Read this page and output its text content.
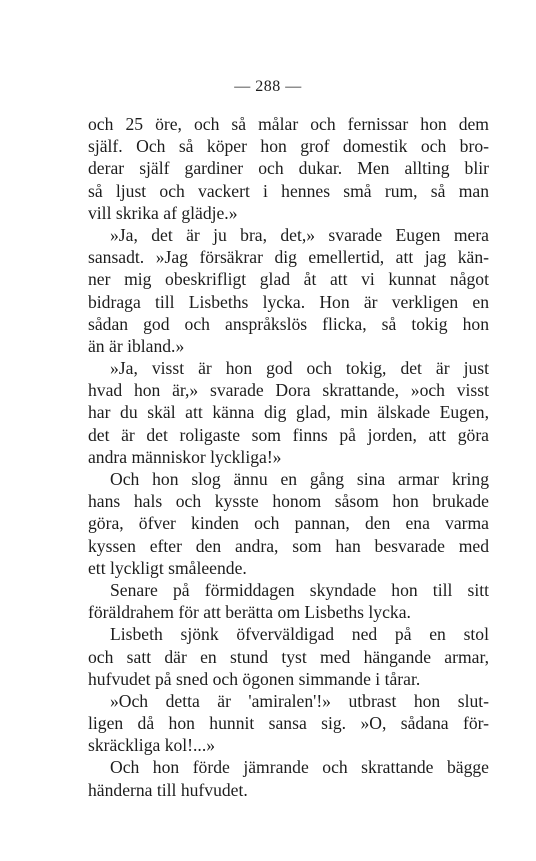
— 288 —
och 25 öre, och så målar och fernissar hon dem
själf. Och så köper hon grof domestik och bro-
derar själf gardiner och dukar. Men allting blir
så ljust och vackert i hennes små rum, så man
vill skrika af glädje.»
»Ja, det är ju bra, det,» svarade Eugen mera
sansadt. »Jag försäkrar dig emellertid, att jag kän-
ner mig obeskrifligt glad åt att vi kunnat något
bidraga till Lisbeths lycka. Hon är verkligen en
sådan god och anspråkslös flicka, så tokig hon
än är ibland.»
»Ja, visst är hon god och tokig, det är just
hvad hon är,» svarade Dora skrattande, »och visst
har du skäl att känna dig glad, min älskade Eugen,
det är det roligaste som finns på jorden, att göra
andra människor lyckliga!»
Och hon slog ännu en gång sina armar kring
hans hals och kysste honom såsom hon brukade
göra, öfver kinden och pannan, den ena varma
kyssen efter den andra, som han besvarade med
ett lyckligt småleende.
Senare på förmiddagen skyndade hon till sitt
föräldrahem för att berätta om Lisbeths lycka.
Lisbeth sjönk öfverväldigad ned på en stol
och satt där en stund tyst med hängande armar,
hufvudet på sned och ögonen simmande i tårar.
»Och detta är 'amiralen'!» utbrast hon slut-
ligen då hon hunnit sansa sig. »O, sådana för-
skräckliga kol!...»
Och hon förde jämrande och skrattande bägge
händerna till hufvudet.
